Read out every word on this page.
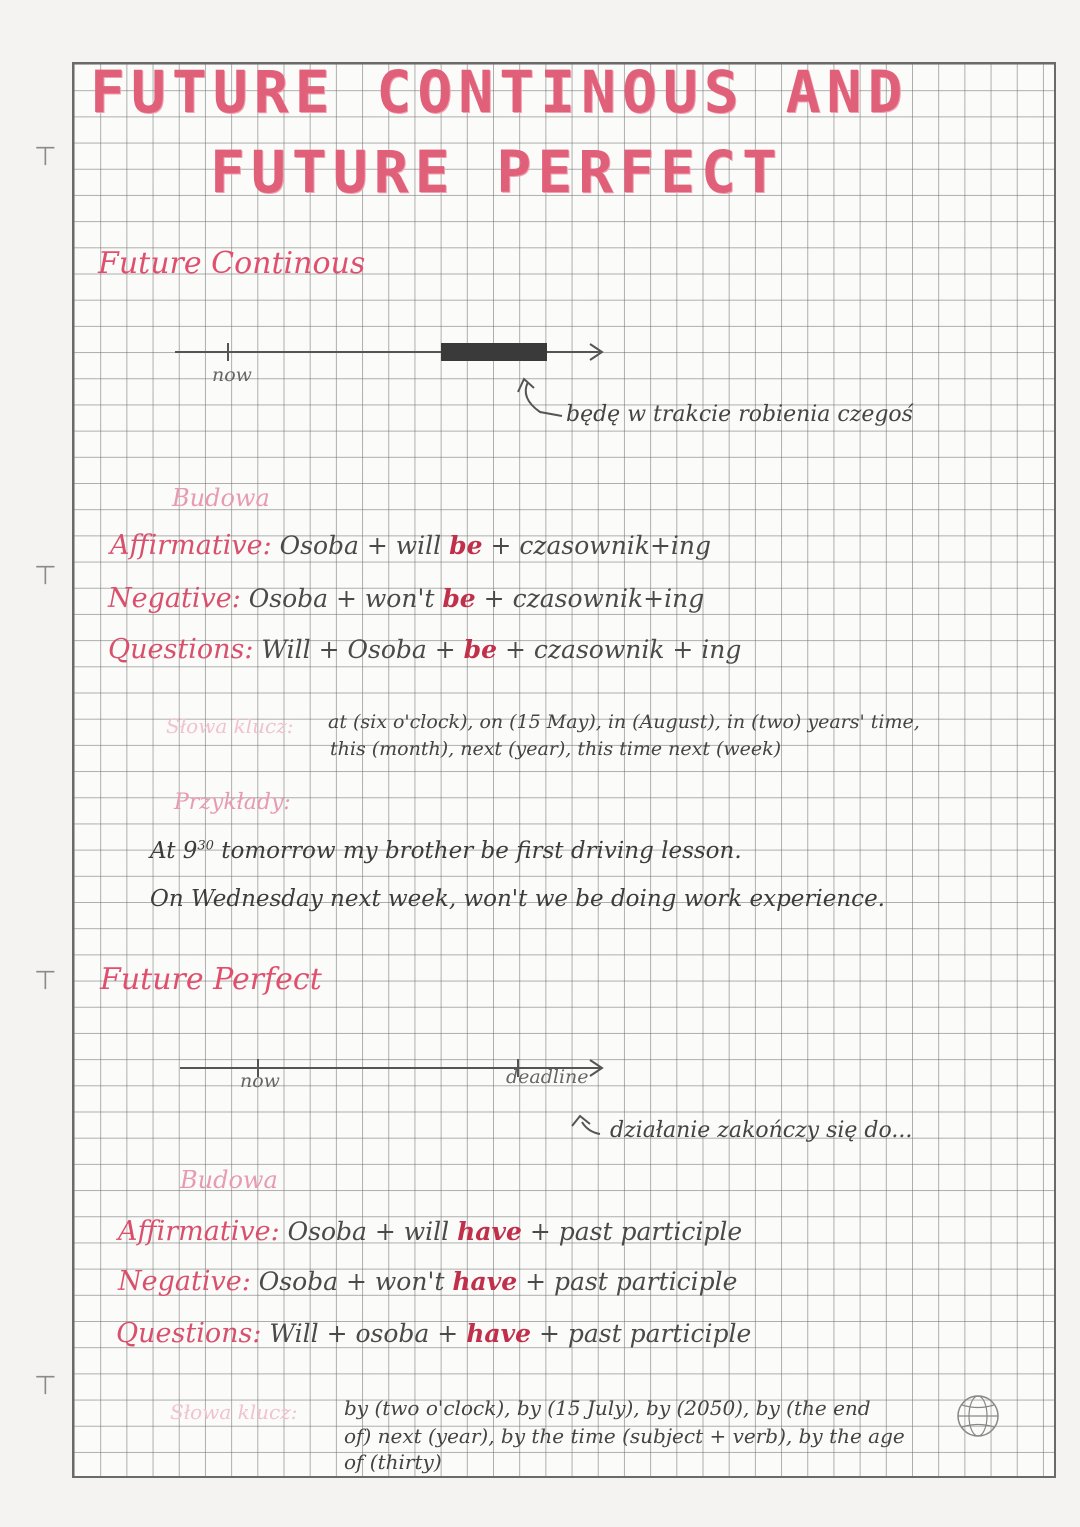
⊤
⊤
⊤
⊤
FUTURE CONTINOUS AND
FUTURE PERFECT
Future Continous
now
będę w trakcie robienia czegoś
Budowa
Affirmative: Osoba + will be + czasownik+ing
Negative: Osoba + won't be + czasownik+ing
Questions: Will + Osoba + be + czasownik + ing
Słowa klucz: at (six o'clock), on (15 May), in (August), in (two) years' time,
this (month), next (year), this time next (week)
Przykłady:
At $9^{30}$ tomorrow my brother be first driving lesson.
On Wednesday next week, won't we be doing work experience.
Future Perfect
now	deadline
działanie zakończy się do...
Budowa
Affirmative: Osoba + will have + past participle
Negative: Osoba + won't have + past participle
Questions: Will + osoba + have + past participle
Słowa klucz: by (two o'clock), by (15 July), by (2050), by (the end
of) next (year), by the time (subject + verb), by the age
of (thirty)
